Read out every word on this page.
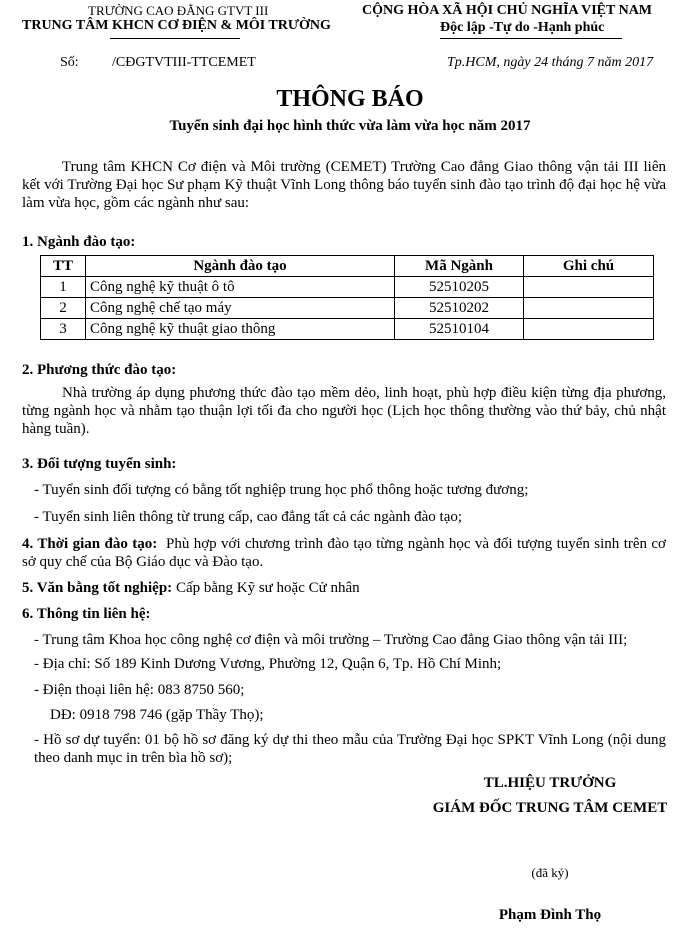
TRƯỜNG CAO ĐẲNG GTVT III
TRUNG TÂM KHCN CƠ ĐIỆN & MÔI TRƯỜNG
CỘNG HÒA XÃ HỘI CHỦ NGHĨA VIỆT NAM
Độc lập -Tự do -Hạnh phúc
Số: /CĐGTVTIII-TTCEMET	Tp.HCM, ngày 24 tháng 7 năm 2017
THÔNG BÁO
Tuyển sinh đại học hình thức vừa làm vừa học năm 2017
Trung tâm KHCN Cơ điện và Môi trường (CEMET) Trường Cao đẳng Giao thông vận tải III liên kết với Trường Đại học Sư phạm Kỹ thuật Vĩnh Long thông báo tuyển sinh đào tạo trình độ đại học hệ vừa làm vừa học, gồm các ngành như sau:
1. Ngành đào tạo:
TT	Ngành đào tạo	Mã Ngành	Ghi chú
1	Công nghệ kỹ thuật ô tô	52510205	
2	Công nghệ chế tạo máy	52510202	
3	Công nghệ kỹ thuật giao thông	52510104	
2. Phương thức đào tạo:
Nhà trường áp dụng phương thức đào tạo mềm dẻo, linh hoạt, phù hợp điều kiện từng địa phương, từng ngành học và nhằm tạo thuận lợi tối đa cho người học (Lịch học thông thường vào thứ bảy, chủ nhật hàng tuần).
3. Đối tượng tuyển sinh:
- Tuyển sinh đối tượng có bằng tốt nghiệp trung học phổ thông hoặc tương đương;
- Tuyển sinh liên thông từ trung cấp, cao đẳng tất cả các ngành đào tạo;
4. Thời gian đào tạo: Phù hợp với chương trình đào tạo từng ngành học và đối tượng tuyển sinh trên cơ sở quy chế của Bộ Giáo dục và Đào tạo.
5. Văn bằng tốt nghiệp: Cấp bằng Kỹ sư hoặc Cử nhân
6. Thông tin liên hệ:
- Trung tâm Khoa học công nghệ cơ điện và môi trường – Trường Cao đẳng Giao thông vận tải III;
- Địa chỉ: Số 189 Kinh Dương Vương, Phường 12, Quận 6, Tp. Hồ Chí Minh;
- Điện thoại liên hệ: 083 8750 560;
DĐ: 0918 798 746 (gặp Thầy Thọ);
- Hồ sơ dự tuyển: 01 bộ hồ sơ đăng ký dự thi theo mẫu của Trường Đại học SPKT Vĩnh Long (nội dung theo danh mục in trên bìa hồ sơ);
TL.HIỆU TRƯỞNG
GIÁM ĐỐC TRUNG TÂM CEMET
(đã ký)
Phạm Đình Thọ
